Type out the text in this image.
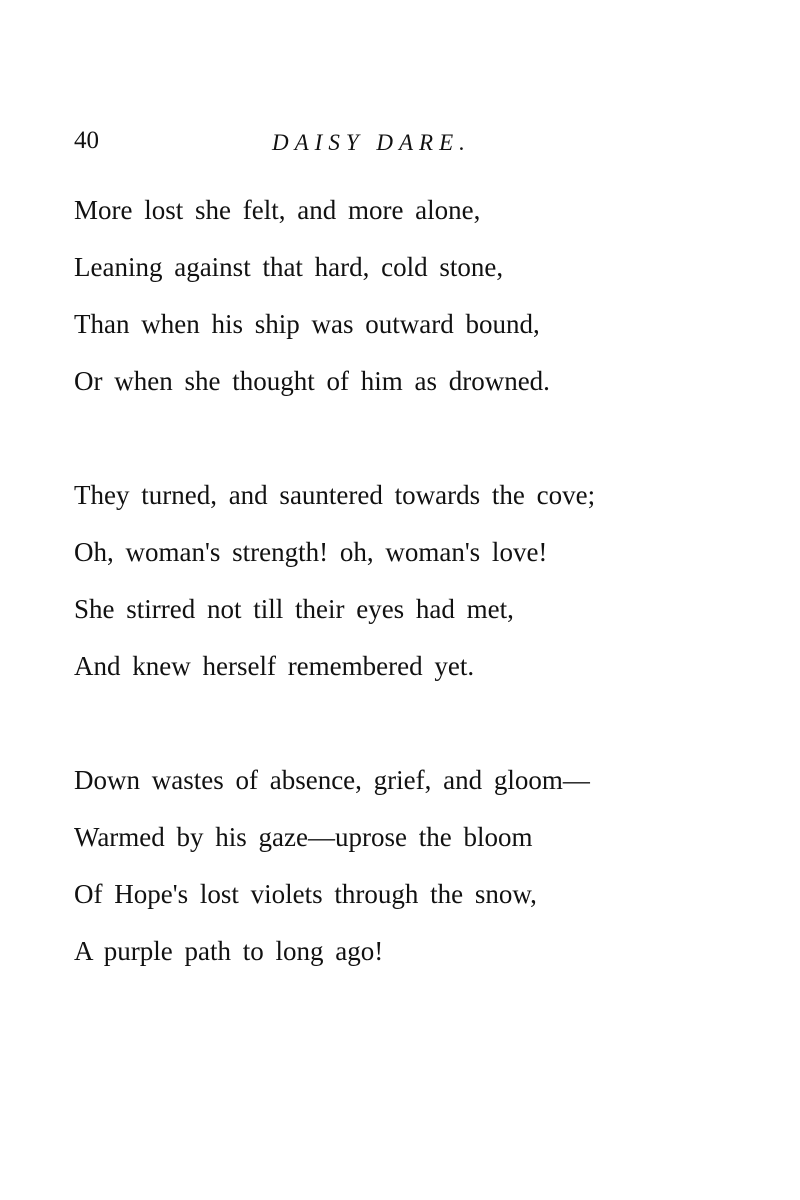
40	DAISY DARE.
More lost she felt, and more alone,
Leaning against that hard, cold stone,
Than when his ship was outward bound,
Or when she thought of him as drowned.
They turned, and sauntered towards the cove;
Oh, woman's strength! oh, woman's love!
She stirred not till their eyes had met,
And knew herself remembered yet.
Down wastes of absence, grief, and gloom—
Warmed by his gaze—uprose the bloom
Of Hope's lost violets through the snow,
A purple path to long ago!
